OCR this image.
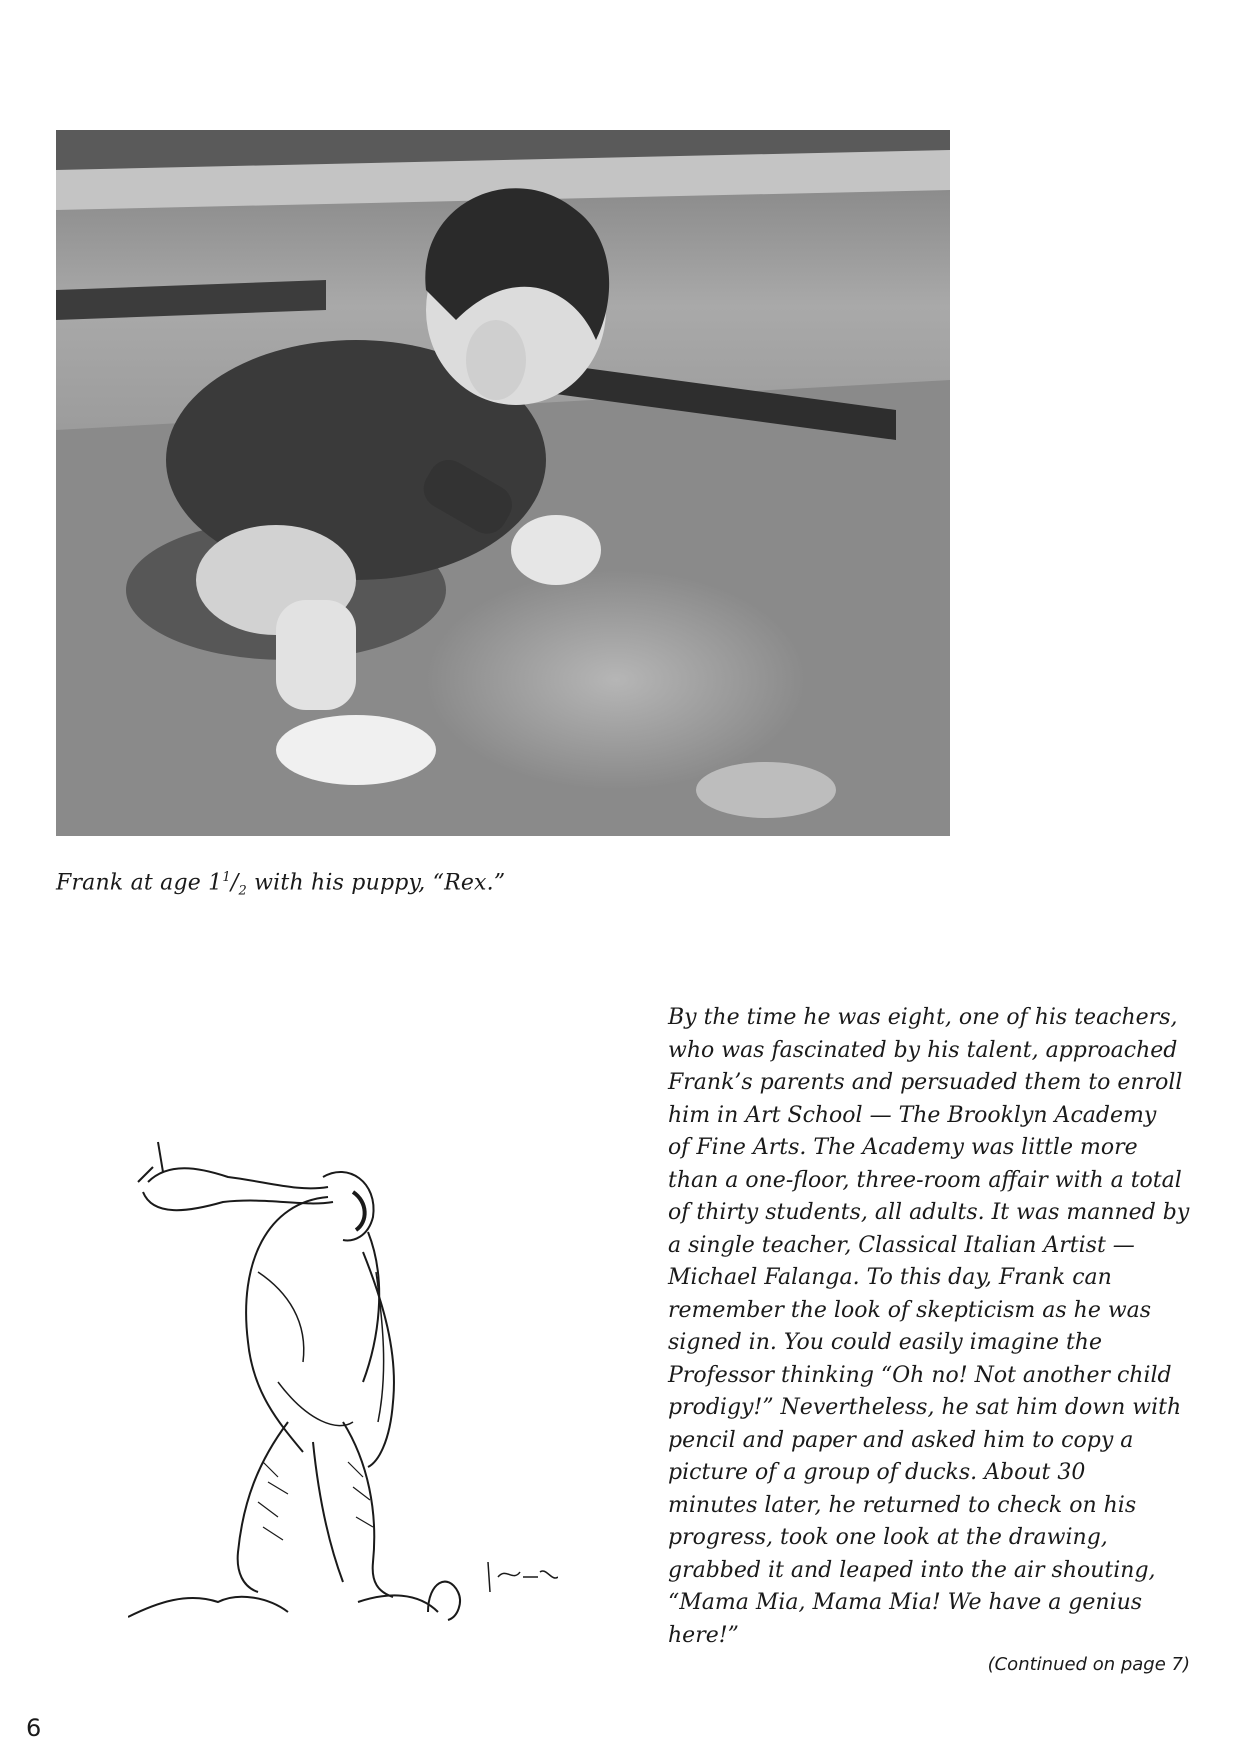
Frank at age $1^1/_2$ with his puppy, “Rex.”
By the time he was eight, one of his teachers,
who was fascinated by his talent, approached
Frank’s parents and persuaded them to enroll
him in Art School — The Brooklyn Academy
of Fine Arts. The Academy was little more
than a one-floor, three-room affair with a total
of thirty students, all adults. It was manned by
a single teacher, Classical Italian Artist —
Michael Falanga. To this day, Frank can
remember the look of skepticism as he was
signed in. You could easily imagine the
Professor thinking “Oh no! Not another child
prodigy!” Nevertheless, he sat him down with
pencil and paper and asked him to copy a
picture of a group of ducks. About 30
minutes later, he returned to check on his
progress, took one look at the drawing,
grabbed it and leaped into the air shouting,
“Mama Mia, Mama Mia! We have a genius
here!”
(Continued on page 7)
6
